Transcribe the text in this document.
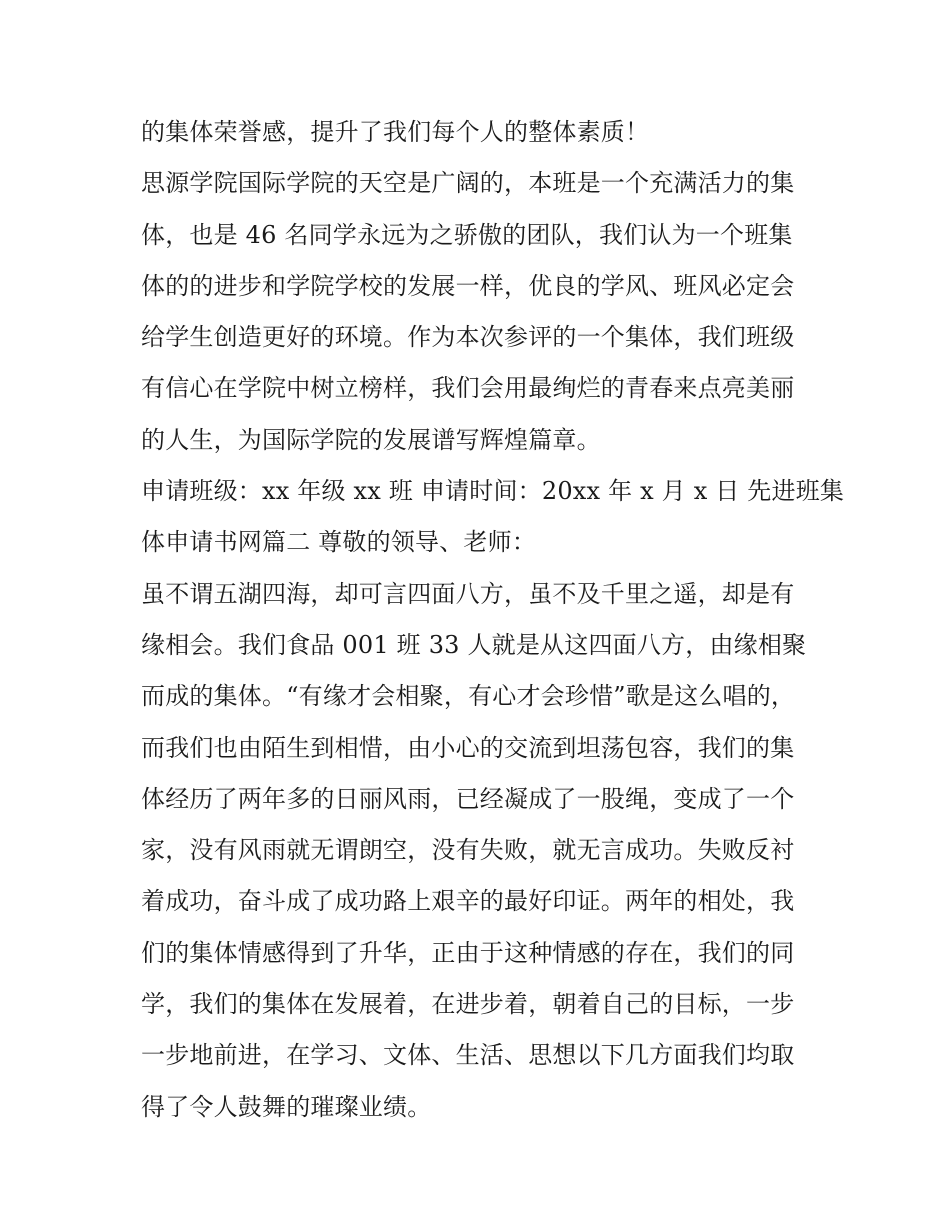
的集体荣誉感，提升了我们每个人的整体素质！
思源学院国际学院的天空是广阔的，本班是一个充满活力的集
体，也是 46 名同学永远为之骄傲的团队，我们认为一个班集
体的的进步和学院学校的发展一样，优良的学风、班风必定会
给学生创造更好的环境。作为本次参评的一个集体，我们班级
有信心在学院中树立榜样，我们会用最绚烂的青春来点亮美丽
的人生，为国际学院的发展谱写辉煌篇章。
申请班级：xx 年级 xx 班 申请时间：20xx 年 x 月 x 日 先进班集
体申请书网篇二 尊敬的领导、老师：
虽不谓五湖四海，却可言四面八方，虽不及千里之遥，却是有
缘相会。我们食品 001 班 33 人就是从这四面八方，由缘相聚
而成的集体。“有缘才会相聚，有心才会珍惜”歌是这么唱的，
而我们也由陌生到相惜，由小心的交流到坦荡包容，我们的集
体经历了两年多的日丽风雨，已经凝成了一股绳，变成了一个
家，没有风雨就无谓朗空，没有失败，就无言成功。失败反衬
着成功，奋斗成了成功路上艰辛的最好印证。两年的相处，我
们的集体情感得到了升华，正由于这种情感的存在，我们的同
学，我们的集体在发展着，在进步着，朝着自己的目标，一步
一步地前进，在学习、文体、生活、思想以下几方面我们均取
得了令人鼓舞的璀璨业绩。
